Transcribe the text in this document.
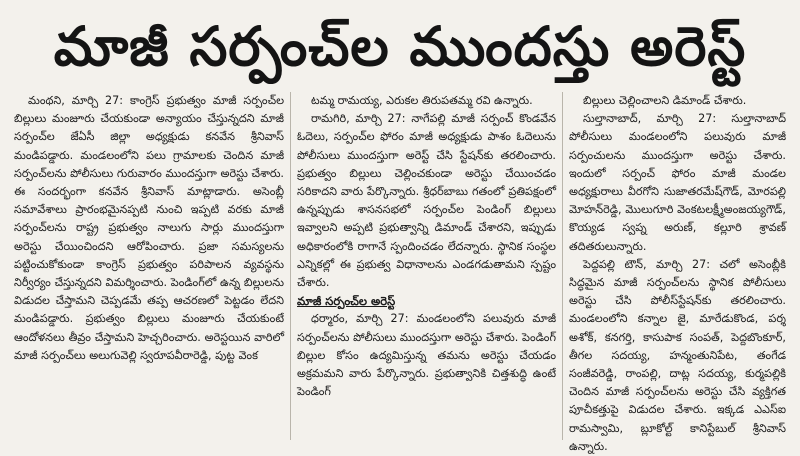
మాజీ సర్పంచ్‌ల ముందస్తు అరెస్ట్

మంథని, మార్చి 27: కాంగ్రెస్ ప్రభుత్వం మాజీ సర్పంచ్‌ల బిల్లులు మంజూరు చేయకుండా అన్యాయం చేస్తున్నదని మాజీ సర్పంచ్‌ల జేఏసీ జిల్లా అధ్యక్షుడు కనవేన శ్రీనివాస్ మండిపడ్డారు. మండలంలోని పలు గ్రామాలకు చెందిన మాజీ సర్పంచ్‌లను పోలీసులు గురువారం ముందస్తుగా అరెస్టు చేశారు. ఈ సందర్భంగా కనవేన శ్రీనివాస్ మాట్లాడారు. అసెంబ్లీ సమావేశాలు ప్రారంభమైనప్పటి నుంచి ఇప్పటి వరకు మాజీ సర్పంచ్‌లను రాష్ట్ర ప్రభుత్వం నాలుగు సార్లు ముందస్తుగా అరెస్టు చేయించిందని ఆరోపించారు. ప్రజా సమస్యలను పట్టించుకోకుండా కాంగ్రెస్ ప్రభుత్వం పరిపాలన వ్యవస్థను నిర్వీర్యం చేస్తున్నదని విమర్శించారు. పెండింగ్‌లో ఉన్న బిల్లులను విడుదల చేస్తామని చెప్పడమే తప్ప ఆచరణలో పెట్టడం లేదని మండిపడ్డారు. ప్రభుత్వం బిల్లులు మంజూరు చేయకుంటే ఆందోళనలు తీవ్రం చేస్తామని హెచ్చరించారు. అరెస్టయిన వారిలో మాజీ సర్పంచ్‌లు అలుగువెల్లి స్వరూపవీరారెడ్డి, పుట్ట వెంక

టమ్మ రామయ్య, ఎరుకల తిరుపతమ్మ రవి ఉన్నారు.

రామగిరి, మార్చి 27: నాగేపల్లి మాజీ సర్పంచ్ కొండవేన ఓదెలు, సర్పంచ్‌ల ఫోరం మాజీ అధ్యక్షుడు పాశం ఓదెలును పోలీసులు ముందస్తుగా అరెస్ట్ చేసి స్టేషన్‌కు తరలించారు. ప్రభుత్వం బిల్లులు చెల్లించకుండా అరెస్టు చేయించడం సరికాదని వారు పేర్కొన్నారు. శ్రీధర్‌బాబు గతంలో ప్రతిపక్షంలో ఉన్నప్పుడు శాసనసభలో సర్పంచ్‌ల పెండింగ్ బిల్లులు ఇవ్వాలని అప్పటి ప్రభుత్వాన్ని డిమాండ్ చేశారని, ఇప్పుడు అధికారంలోకి రాగానే స్పందించడం లేదన్నారు. స్థానిక సంస్థల ఎన్నికల్లో ఈ ప్రభుత్వ విధానాలను ఎండగడుతామని స్పష్టం చేశారు.

మాజీ సర్పంచ్‌ల అరెస్ట్

ధర్మారం, మార్చి 27: మండలంలోని పలువురు మాజీ సర్పంచ్‌లను పోలీసులు ముందస్తుగా అరెస్టు చేశారు. పెండింగ్ బిల్లుల కోసం ఉద్యమిస్తున్న తమను అరెస్టు చేయడం అక్రమమని వారు పేర్కొన్నారు. ప్రభుత్వానికి చిత్తశుద్ధి ఉంటే పెండింగ్

బిల్లులు చెల్లించాలని డిమాండ్ చేశారు.

సుల్తానాబాద్, మార్చి 27: సుల్తానాబాద్ పోలీసులు మండలంలోని పలువురు మాజీ సర్పంచులను ముందస్తుగా అరెస్టు చేశారు. ఇందులో సర్పంచ్ ఫోరం మాజీ మండల అధ్యక్షురాలు వీరగోని సుజాతరమేష్‌గౌడ్, మోరపల్లి మోహన్‌రెడ్డి, మొలుగూరి వెంకటలక్ష్మీఅంజయ్యగౌడ్, కొయ్యడ స్వప్న అరుణ్, కల్లూరి శ్రావణ్ తదితరులున్నారు.

పెద్దపల్లి టౌన్, మార్చి 27: చలో అసెంబ్లీకి సిద్ధమైన మాజీ సర్పంచ్‌లను స్థానిక పోలీసులు అరెస్టు చేసి పోలీస్‌స్టేషన్‌కు తరలించారు. మండలంలోని కన్నాల జై, మారేడుకొండ, పర్శ అశోక్, కనగర్తి, కాసుపాక సంపత్, పెద్దబొంకూర్, తీగల సదయ్య, హన్మంతునిపేట, తంగేడ సంజీవరెడ్డి, రాంపల్లి, దాట్ల సదయ్య, కుర్మపల్లికి చెందిన మాజీ సర్పంచ్‌లను అరెస్టు చేసి వ్యక్తిగత పూచీకత్తుపై విడుదల చేశారు. ఇక్కడ ఎఎస్ఐ రామస్వామి, బ్లూకోల్ట్ కానిస్టేబుల్ శ్రీనివాస్ ఉన్నారు.
